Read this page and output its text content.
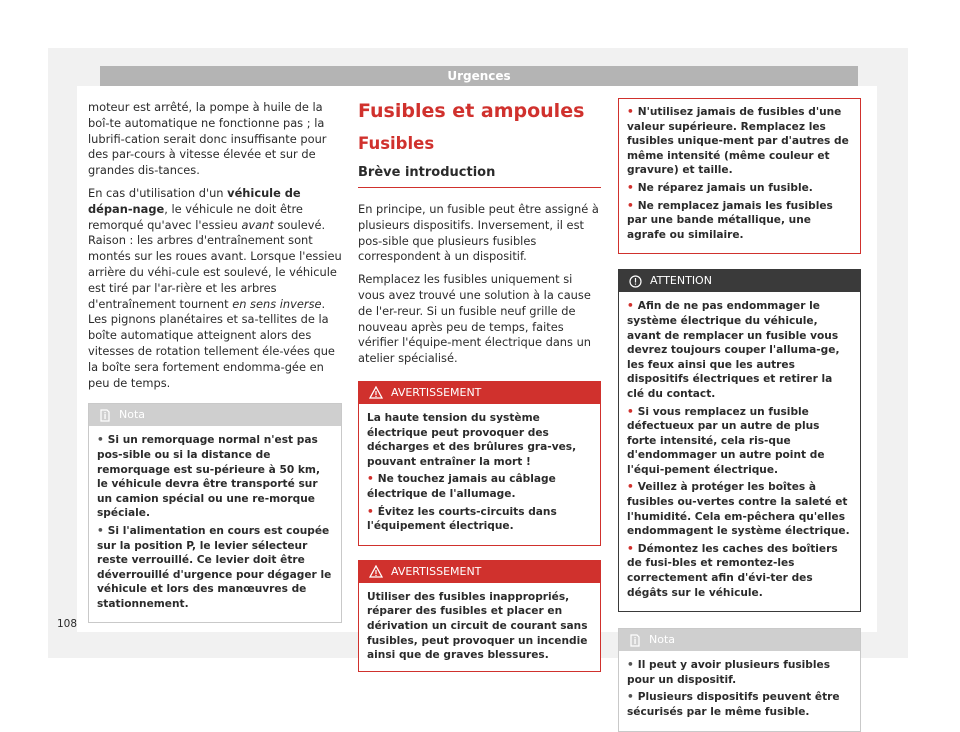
Urgences

moteur est arrêté, la pompe à huile de la boî-te automatique ne fonctionne pas ; la lubrifi-cation serait donc insuffisante pour des par-cours à vitesse élevée et sur de grandes dis-tances.

En cas d'utilisation d'un véhicule de dépan-nage, le véhicule ne doit être remorqué qu'avec l'essieu avant soulevé. Raison : les arbres d'entraînement sont montés sur les roues avant. Lorsque l'essieu arrière du véhi-cule est soulevé, le véhicule est tiré par l'ar-rière et les arbres d'entraînement tournent en sens inverse. Les pignons planétaires et sa-tellites de la boîte automatique atteignent alors des vitesses de rotation tellement éle-vées que la boîte sera fortement endomma-gée en peu de temps.

Nota
• Si un remorquage normal n'est pas pos-sible ou si la distance de remorquage est su-périeure à 50 km, le véhicule devra être transporté sur un camion spécial ou une re-morque spéciale.
• Si l'alimentation en cours est coupée sur la position P, le levier sélecteur reste verrouillé. Ce levier doit être déverrouillé d'urgence pour dégager le véhicule et lors des manœuvres de stationnement.
Fusibles et ampoules
Fusibles
Brève introduction

En principe, un fusible peut être assigné à plusieurs dispositifs. Inversement, il est pos-sible que plusieurs fusibles correspondent à un dispositif.

Remplacez les fusibles uniquement si vous avez trouvé une solution à la cause de l'er-reur. Si un fusible neuf grille de nouveau après peu de temps, faites vérifier l'équipe-ment électrique dans un atelier spécialisé.

AVERTISSEMENT

La haute tension du système électrique peut provoquer des décharges et des brûlures gra-ves, pouvant entraîner la mort !

• Ne touchez jamais au câblage électrique de l'allumage.
• Évitez les courts-circuits dans l'équipement électrique.
AVERTISSEMENT

Utiliser des fusibles inappropriés, réparer des fusibles et placer en dérivation un circuit de courant sans fusibles, peut provoquer un incendie ainsi que de graves blessures.

• N'utilisez jamais de fusibles d'une valeur supérieure. Remplacez les fusibles unique-ment par d'autres de même intensité (même couleur et gravure) et taille.
• Ne réparez jamais un fusible.
• Ne remplacez jamais les fusibles par une bande métallique, une agrafe ou similaire.
ATTENTION
• Afin de ne pas endommager le système électrique du véhicule, avant de remplacer un fusible vous devrez toujours couper l'alluma-ge, les feux ainsi que les autres dispositifs électriques et retirer la clé du contact.
• Si vous remplacez un fusible défectueux par un autre de plus forte intensité, cela ris-que d'endommager un autre point de l'équi-pement électrique.
• Veillez à protéger les boîtes à fusibles ou-vertes contre la saleté et l'humidité. Cela em-pêchera qu'elles endommagent le système électrique.
• Démontez les caches des boîtiers de fusi-bles et remontez-les correctement afin d'évi-ter des dégâts sur le véhicule.
Nota
• Il peut y avoir plusieurs fusibles pour un dispositif.
• Plusieurs dispositifs peuvent être sécurisés par le même fusible.
108
